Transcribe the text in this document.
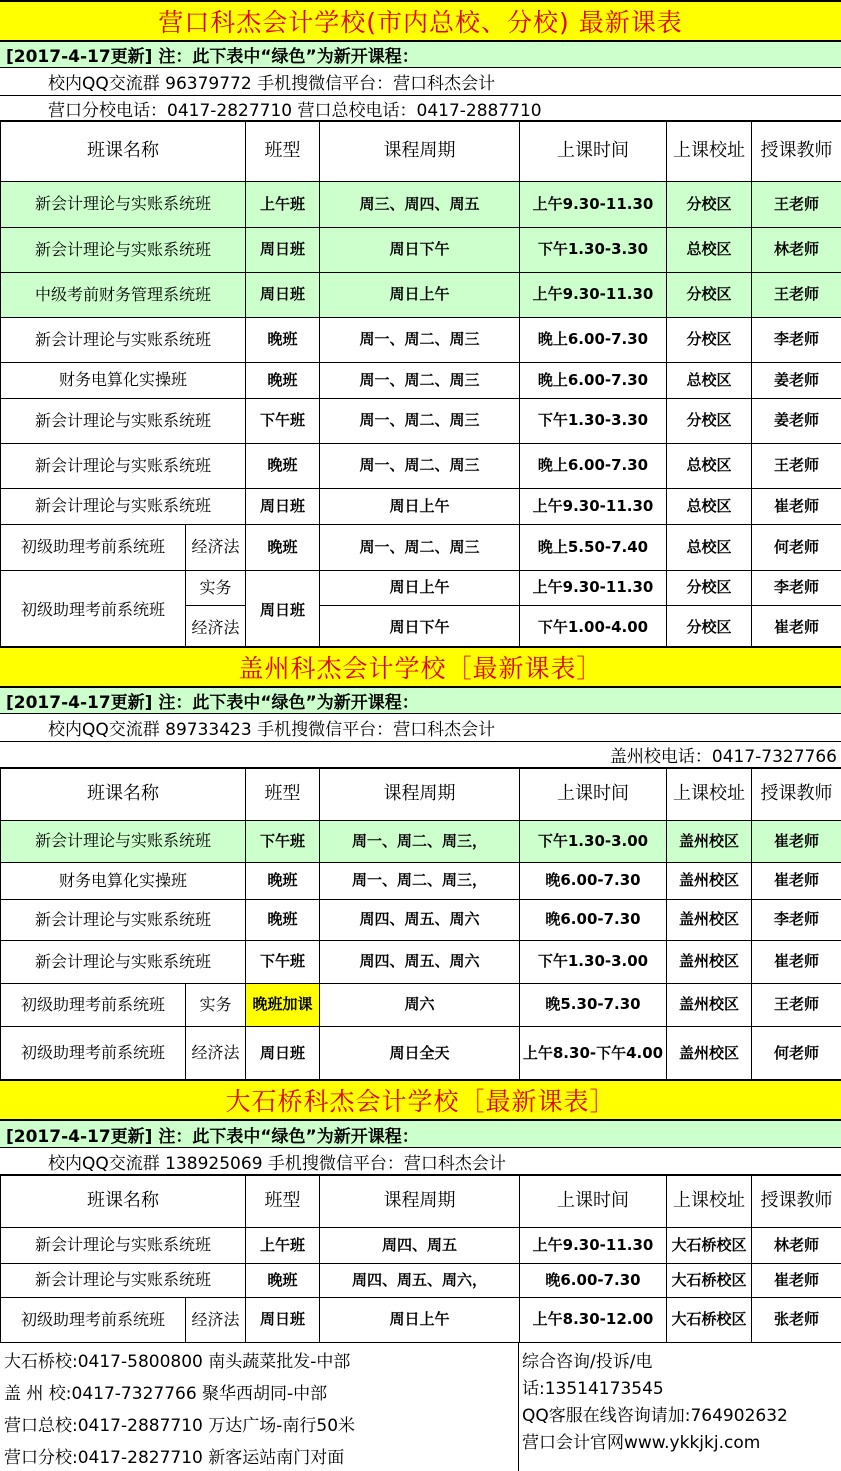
营口科杰会计学校(市内总校、分校) 最新课表
[2017-4-17更新] 注：此下表中“绿色”为新开课程：
校内QQ交流群 96379772 手机搜微信平台：营口科杰会计
营口分校电话：0417-2827710 营口总校电话：0417-2887710
班课名称		班型	课程周期	上课时间	上课校址	授课教师
新会计理论与实账系统班		上午班	周三、周四、周五	上午9.30-11.30	分校区	王老师
新会计理论与实账系统班		周日班	周日下午	下午1.30-3.30	总校区	林老师
中级考前财务管理系统班		周日班	周日上午	上午9.30-11.30	分校区	王老师
新会计理论与实账系统班		晚班	周一、周二、周三	晚上6.00-7.30	分校区	李老师
财务电算化实操班		晚班	周一、周二、周三	晚上6.00-7.30	总校区	姜老师
新会计理论与实账系统班		下午班	周一、周二、周三	下午1.30-3.30	分校区	姜老师
新会计理论与实账系统班		晚班	周一、周二、周三	晚上6.00-7.30	总校区	王老师
新会计理论与实账系统班		周日班	周日上午	上午9.30-11.30	总校区	崔老师
初级助理考前系统班	经济法	晚班	周一、周二、周三	晚上5.50-7.40	总校区	何老师
初级助理考前系统班	实务	周日班	周日上午	上午9.30-11.30	分校区	李老师
	经济法		周日下午	下午1.00-4.00	分校区	崔老师
盖州科杰会计学校［最新课表］
[2017-4-17更新] 注：此下表中“绿色”为新开课程：
校内QQ交流群 89733423 手机搜微信平台：营口科杰会计
盖州校电话：0417-7327766
班课名称		班型	课程周期	上课时间	上课校址	授课教师
新会计理论与实账系统班		下午班	周一、周二、周三，	下午1.30-3.00	盖州校区	崔老师
财务电算化实操班		晚班	周一、周二、周三，	晚6.00-7.30	盖州校区	崔老师
新会计理论与实账系统班		晚班	周四、周五、周六	晚6.00-7.30	盖州校区	李老师
新会计理论与实账系统班		下午班	周四、周五、周六	下午1.30-3.00	盖州校区	崔老师
初级助理考前系统班	实务	晚班加课	周六	晚5.30-7.30	盖州校区	王老师
初级助理考前系统班	经济法	周日班	周日全天	上午8.30-下午4.00	盖州校区	何老师
大石桥科杰会计学校［最新课表］
[2017-4-17更新] 注：此下表中“绿色”为新开课程：
校内QQ交流群 138925069 手机搜微信平台：营口科杰会计
班课名称		班型	课程周期	上课时间	上课校址	授课教师
新会计理论与实账系统班		上午班	周四、周五	上午9.30-11.30	大石桥校区	林老师
新会计理论与实账系统班		晚班	周四、周五、周六，	晚6.00-7.30	大石桥校区	崔老师
初级助理考前系统班	经济法	周日班	周日上午	上午8.30-12.00	大石桥校区	张老师
大石桥校:0417-5800800 南头蔬菜批发-中部
盖 州 校:0417-7327766 聚华西胡同-中部
营口总校:0417-2887710 万达广场-南行50米
营口分校:0417-2827710 新客运站南门对面
综合咨询/投诉/电
话:13514173545
QQ客服在线咨询请加:764902632
营口会计官网www.ykkjkj.com
